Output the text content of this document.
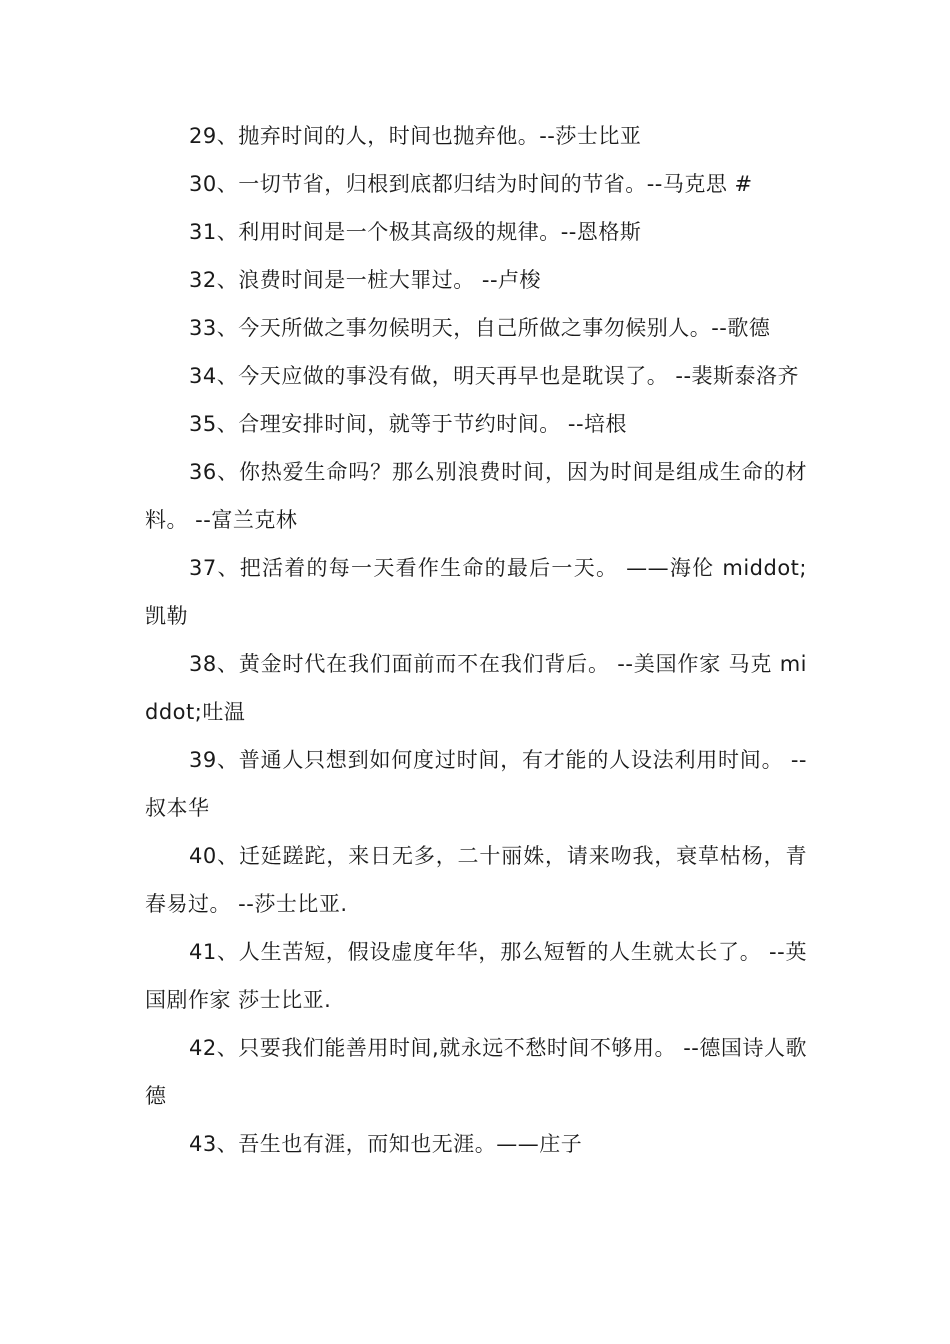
29、抛弃时间的人，时间也抛弃他。--莎士比亚

30、一切节省，归根到底都归结为时间的节省。--马克思 #

31、利用时间是一个极其高级的规律。--恩格斯

32、浪费时间是一桩大罪过。 --卢梭

33、今天所做之事勿候明天，自己所做之事勿候别人。--歌德

34、今天应做的事没有做，明天再早也是耽误了。 --裴斯泰洛齐

35、合理安排时间，就等于节约时间。 --培根

36、你热爱生命吗？那么别浪费时间，因为时间是组成生命的材料。 --富兰克林

37、把活着的每一天看作生命的最后一天。 ——海伦 middot;凯勒

38、黄金时代在我们面前而不在我们背后。 --美国作家 马克 middot;吐温

39、普通人只想到如何度过时间，有才能的人设法利用时间。 --叔本华

40、迁延蹉跎，来日无多，二十丽姝，请来吻我，衰草枯杨，青春易过。 --莎士比亚.

41、人生苦短，假设虚度年华，那么短暂的人生就太长了。 --英国剧作家 莎士比亚.

42、只要我们能善用时间,就永远不愁时间不够用。 --德国诗人歌德

43、吾生也有涯，而知也无涯。——庄子
